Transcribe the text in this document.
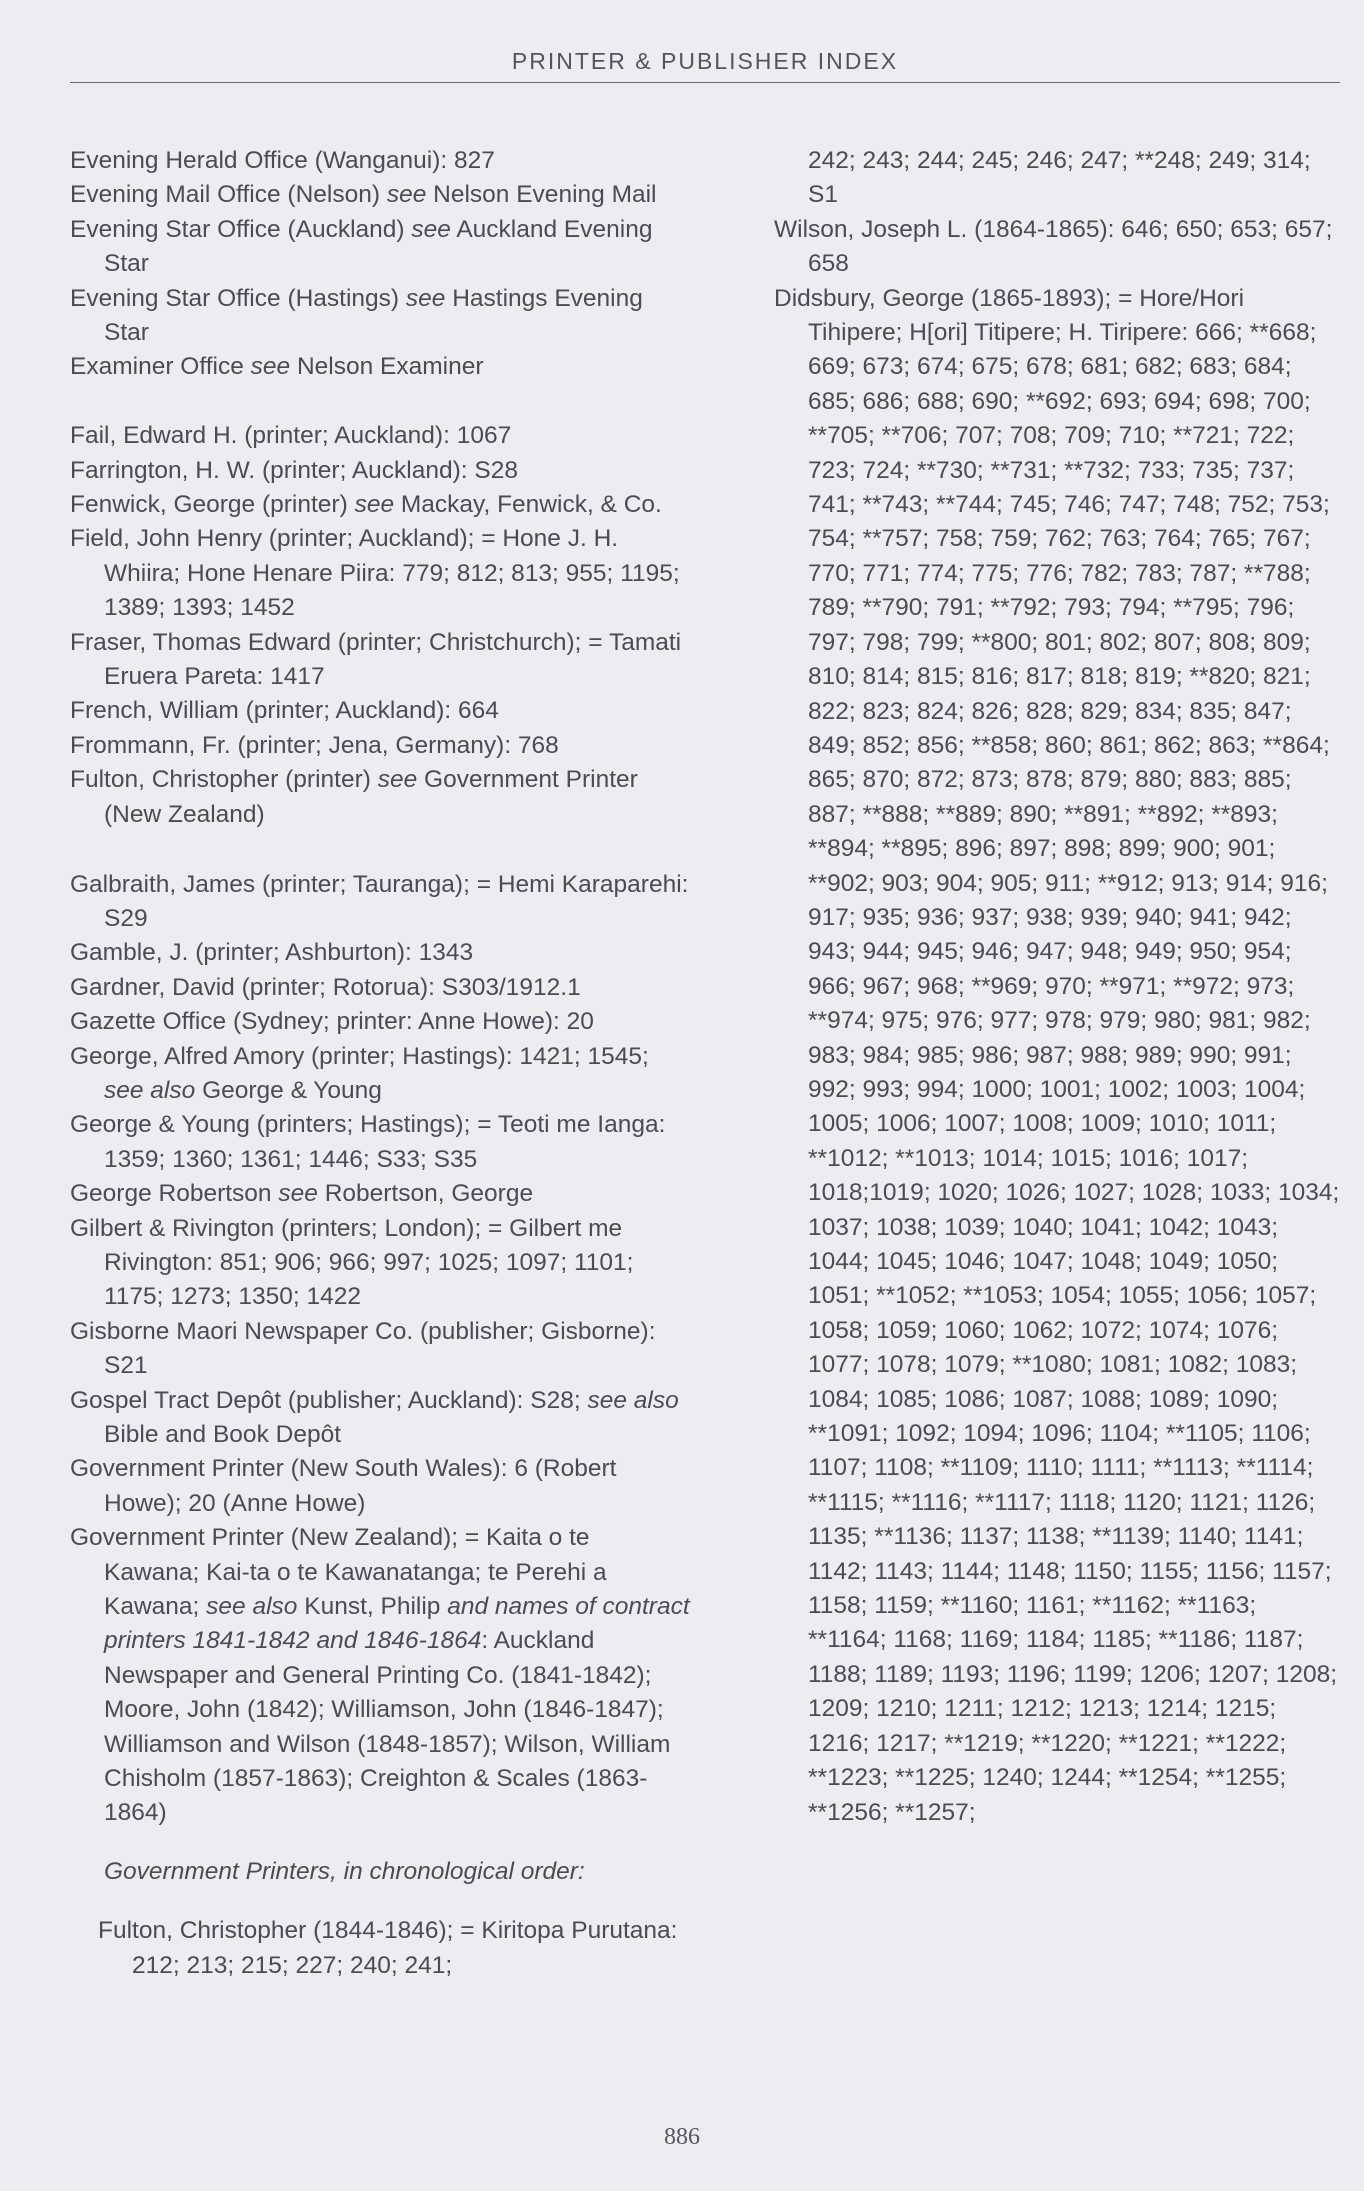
PRINTER & PUBLISHER INDEX

Evening Herald Office (Wanganui): 827

Evening Mail Office (Nelson) see Nelson Evening Mail

Evening Star Office (Auckland) see Auckland Evening Star

Evening Star Office (Hastings) see Hastings Evening Star

Examiner Office see Nelson Examiner

Fail, Edward H. (printer; Auckland): 1067

Farrington, H. W. (printer; Auckland): S28

Fenwick, George (printer) see Mackay, Fenwick, & Co.

Field, John Henry (printer; Auckland); = Hone J. H. Whiira; Hone Henare Piira: 779; 812; 813; 955; 1195; 1389; 1393; 1452

Fraser, Thomas Edward (printer; Christchurch); = Tamati Eruera Pareta: 1417

French, William (printer; Auckland): 664

Frommann, Fr. (printer; Jena, Germany): 768

Fulton, Christopher (printer) see Government Printer (New Zealand)

Galbraith, James (printer; Tauranga); = Hemi Karaparehi: S29

Gamble, J. (printer; Ashburton): 1343

Gardner, David (printer; Rotorua): S303/1912.1

Gazette Office (Sydney; printer: Anne Howe): 20

George, Alfred Amory (printer; Hastings): 1421; 1545; see also George & Young

George & Young (printers; Hastings); = Teoti me Ianga: 1359; 1360; 1361; 1446; S33; S35

George Robertson see Robertson, George

Gilbert & Rivington (printers; London); = Gilbert me Rivington: 851; 906; 966; 997; 1025; 1097; 1101; 1175; 1273; 1350; 1422

Gisborne Maori Newspaper Co. (publisher; Gisborne): S21

Gospel Tract Depôt (publisher; Auckland): S28; see also Bible and Book Depôt

Government Printer (New South Wales): 6 (Robert Howe); 20 (Anne Howe)

Government Printer (New Zealand); = Kaita o te Kawana; Kai-ta o te Kawanatanga; te Perehi a Kawana; see also Kunst, Philip and names of contract printers 1841-1842 and 1846-1864: Auckland Newspaper and General Printing Co. (1841-1842); Moore, John (1842); Williamson, John (1846-1847); Williamson and Wilson (1848-1857); Wilson, William Chisholm (1857-1863); Creighton & Scales (1863-1864)

Government Printers, in chronological order:

Fulton, Christopher (1844-1846); = Kiritopa Purutana: 212; 213; 215; 227; 240; 241;

242; 243; 244; 245; 246; 247; **248; 249; 314; S1

Wilson, Joseph L. (1864-1865): 646; 650; 653; 657; 658

Didsbury, George (1865-1893); = Hore/Hori Tihipere; H[ori] Titipere; H. Tiripere: 666; **668; 669; 673; 674; 675; 678; 681; 682; 683; 684; 685; 686; 688; 690; **692; 693; 694; 698; 700; **705; **706; 707; 708; 709; 710; **721; 722; 723; 724; **730; **731; **732; 733; 735; 737; 741; **743; **744; 745; 746; 747; 748; 752; 753; 754; **757; 758; 759; 762; 763; 764; 765; 767; 770; 771; 774; 775; 776; 782; 783; 787; **788; 789; **790; 791; **792; 793; 794; **795; 796; 797; 798; 799; **800; 801; 802; 807; 808; 809; 810; 814; 815; 816; 817; 818; 819; **820; 821; 822; 823; 824; 826; 828; 829; 834; 835; 847; 849; 852; 856; **858; 860; 861; 862; 863; **864; 865; 870; 872; 873; 878; 879; 880; 883; 885; 887; **888; **889; 890; **891; **892; **893; **894; **895; 896; 897; 898; 899; 900; 901; **902; 903; 904; 905; 911; **912; 913; 914; 916; 917; 935; 936; 937; 938; 939; 940; 941; 942; 943; 944; 945; 946; 947; 948; 949; 950; 954; 966; 967; 968; **969; 970; **971; **972; 973; **974; 975; 976; 977; 978; 979; 980; 981; 982; 983; 984; 985; 986; 987; 988; 989; 990; 991; 992; 993; 994; 1000; 1001; 1002; 1003; 1004; 1005; 1006; 1007; 1008; 1009; 1010; 1011; **1012; **1013; 1014; 1015; 1016; 1017; 1018;1019; 1020; 1026; 1027; 1028; 1033; 1034; 1037; 1038; 1039; 1040; 1041; 1042; 1043; 1044; 1045; 1046; 1047; 1048; 1049; 1050; 1051; **1052; **1053; 1054; 1055; 1056; 1057; 1058; 1059; 1060; 1062; 1072; 1074; 1076; 1077; 1078; 1079; **1080; 1081; 1082; 1083; 1084; 1085; 1086; 1087; 1088; 1089; 1090; **1091; 1092; 1094; 1096; 1104; **1105; 1106; 1107; 1108; **1109; 1110; 1111; **1113; **1114; **1115; **1116; **1117; 1118; 1120; 1121; 1126; 1135; **1136; 1137; 1138; **1139; 1140; 1141; 1142; 1143; 1144; 1148; 1150; 1155; 1156; 1157; 1158; 1159; **1160; 1161; **1162; **1163; **1164; 1168; 1169; 1184; 1185; **1186; 1187; 1188; 1189; 1193; 1196; 1199; 1206; 1207; 1208; 1209; 1210; 1211; 1212; 1213; 1214; 1215; 1216; 1217; **1219; **1220; **1221; **1222; **1223; **1225; 1240; 1244; **1254; **1255; **1256; **1257;

886
